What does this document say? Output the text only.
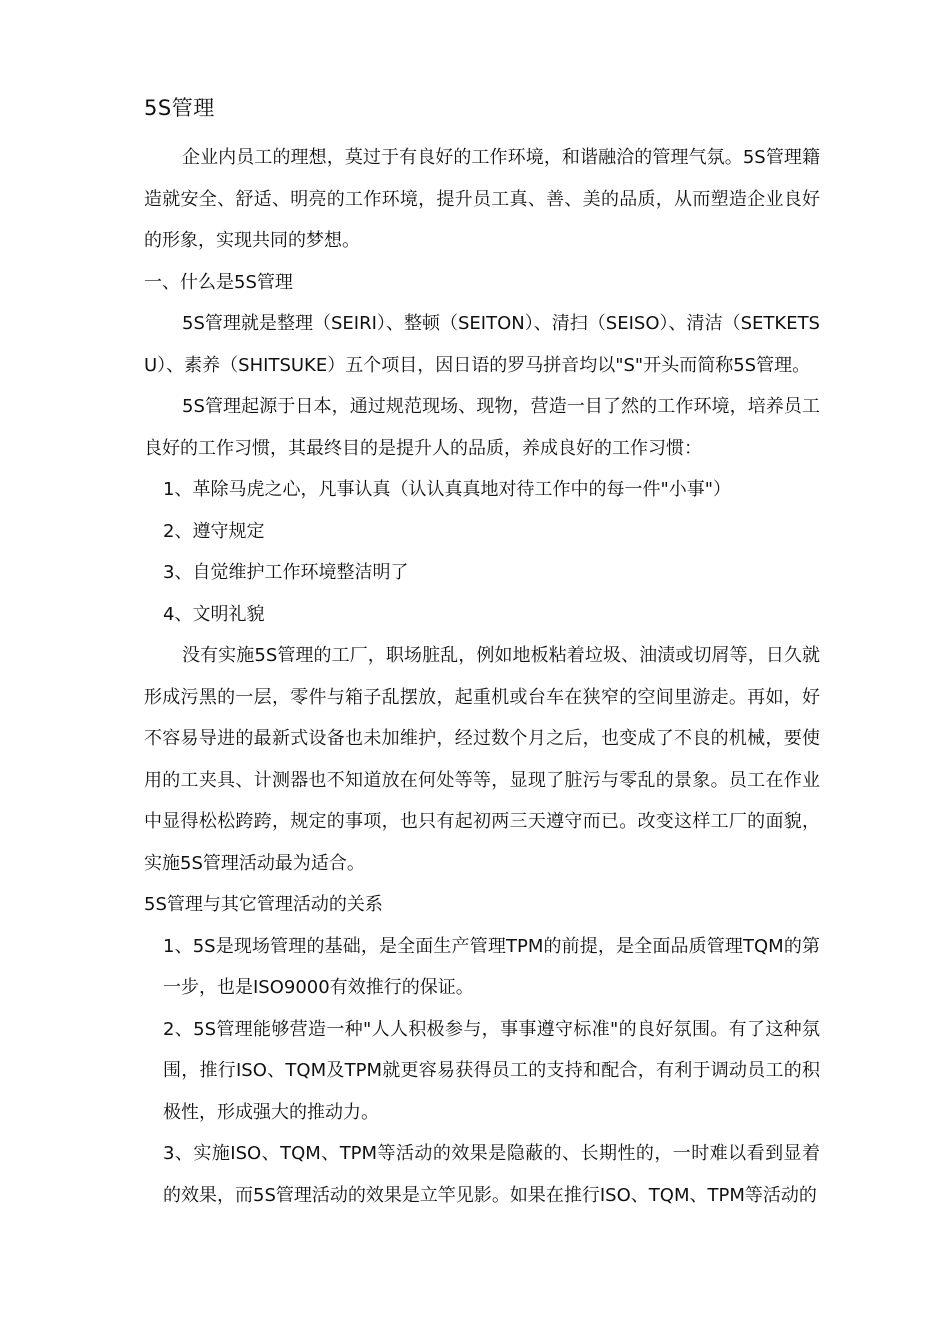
5S管理

企业内员工的理想，莫过于有良好的工作环境，和谐融洽的管理气氛。5S管理籍造就安全、舒适、明亮的工作环境，提升员工真、善、美的品质，从而塑造企业良好的形象，实现共同的梦想。

一、什么是5S管理

5S管理就是整理（SEIRI）、整顿（SEITON）、清扫（SEISO）、清洁（SETKETSU）、素养（SHITSUKE）五个项目，因日语的罗马拼音均以"S"开头而简称5S管理。

5S管理起源于日本，通过规范现场、现物，营造一目了然的工作环境，培养员工良好的工作习惯，其最终目的是提升人的品质，养成良好的工作习惯：

1、革除马虎之心，凡事认真（认认真真地对待工作中的每一件"小事"）

2、遵守规定

3、自觉维护工作环境整洁明了

4、文明礼貌

没有实施5S管理的工厂，职场脏乱，例如地板粘着垃圾、油渍或切屑等，日久就形成污黑的一层，零件与箱子乱摆放，起重机或台车在狭窄的空间里游走。再如，好不容易导进的最新式设备也未加维护，经过数个月之后，也变成了不良的机械，要使用的工夹具、计测器也不知道放在何处等等，显现了脏污与零乱的景象。员工在作业中显得松松跨跨，规定的事项，也只有起初两三天遵守而已。改变这样工厂的面貌，实施5S管理活动最为适合。

5S管理与其它管理活动的关系

1、5S是现场管理的基础，是全面生产管理TPM的前提，是全面品质管理TQM的第一步，也是ISO9000有效推行的保证。

2、5S管理能够营造一种"人人积极参与，事事遵守标准"的良好氛围。有了这种氛围，推行ISO、TQM及TPM就更容易获得员工的支持和配合，有利于调动员工的积极性，形成强大的推动力。

3、实施ISO、TQM、TPM等活动的效果是隐蔽的、长期性的，一时难以看到显着的效果，而5S管理活动的效果是立竿见影。如果在推行ISO、TQM、TPM等活动的
